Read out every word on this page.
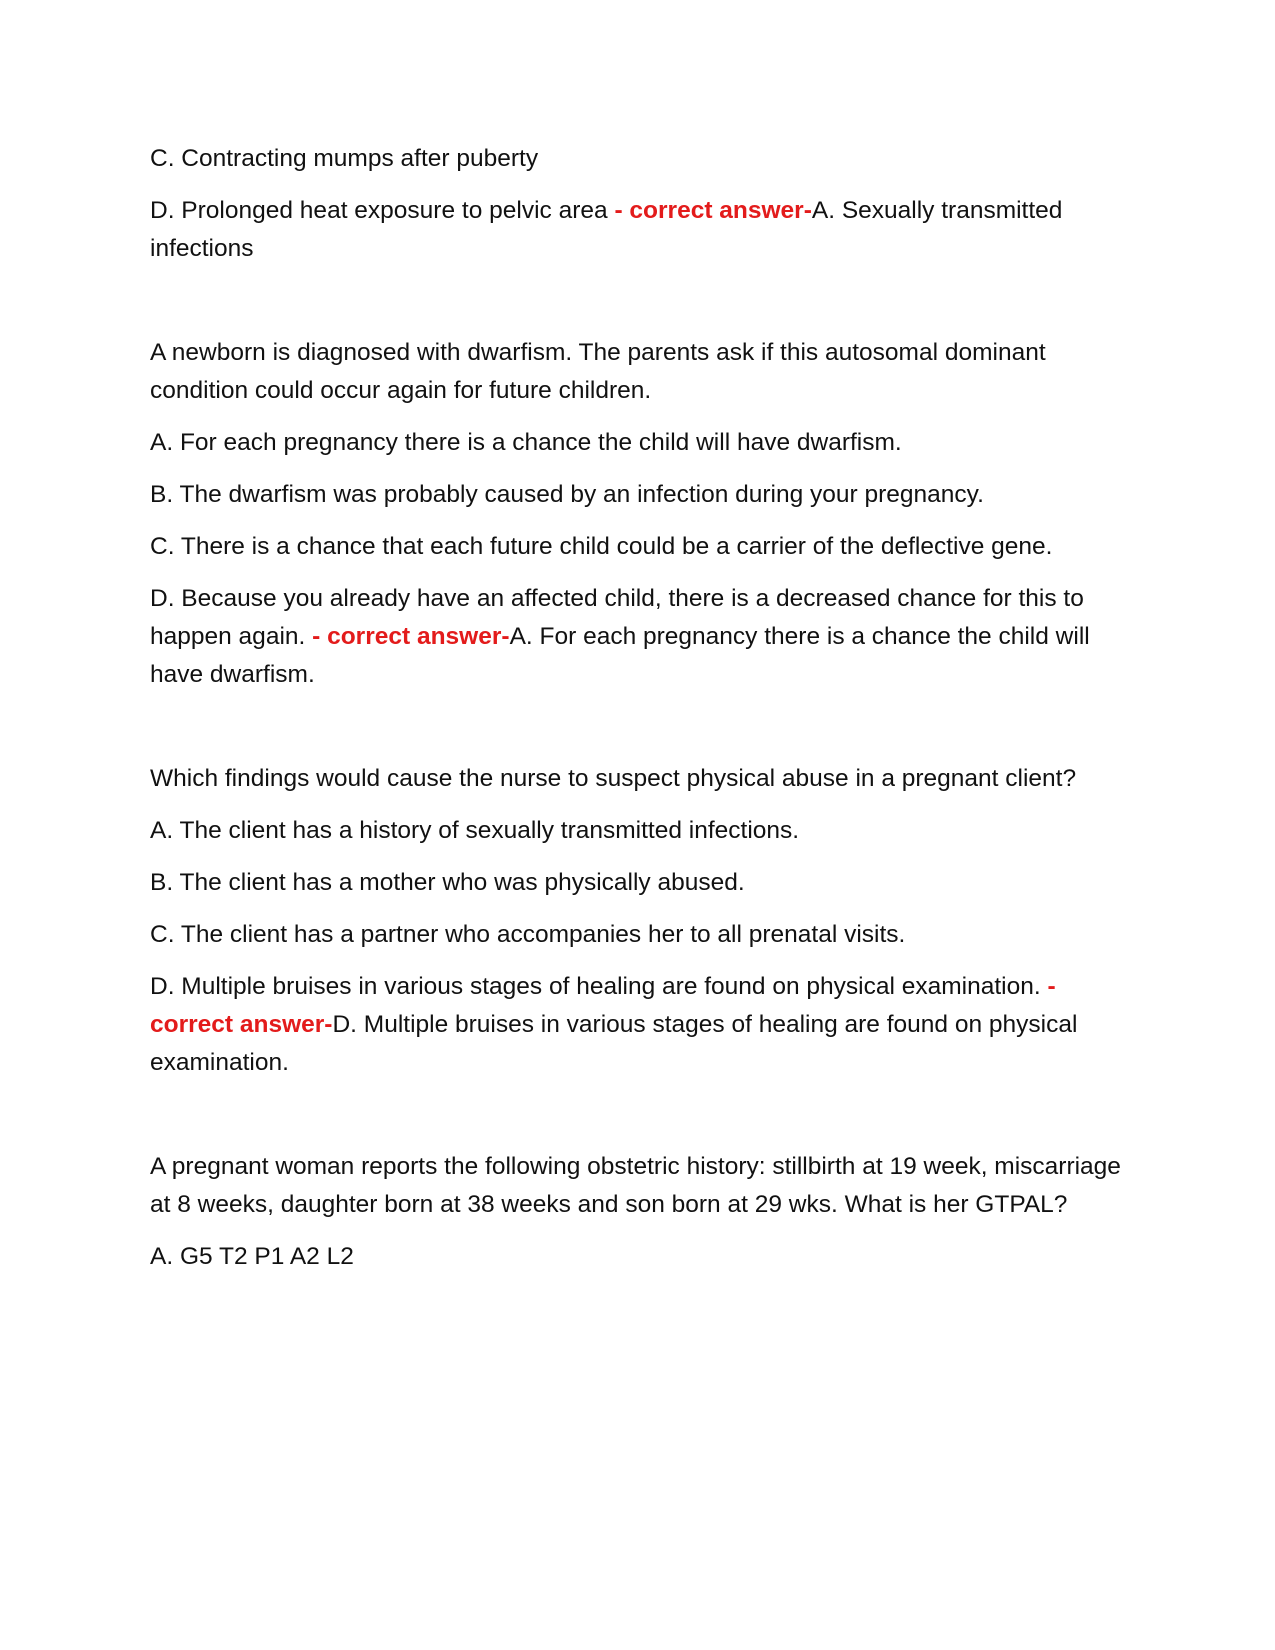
C. Contracting mumps after puberty

D. Prolonged heat exposure to pelvic area - correct answer-A. Sexually transmitted infections

A newborn is diagnosed with dwarfism. The parents ask if this autosomal dominant condition could occur again for future children.

A. For each pregnancy there is a chance the child will have dwarfism.

B. The dwarfism was probably caused by an infection during your pregnancy.

C. There is a chance that each future child could be a carrier of the deflective gene.

D. Because you already have an affected child, there is a decreased chance for this to happen again. - correct answer-A. For each pregnancy there is a chance the child will have dwarfism.

Which findings would cause the nurse to suspect physical abuse in a pregnant client?

A. The client has a history of sexually transmitted infections.

B. The client has a mother who was physically abused.

C. The client has a partner who accompanies her to all prenatal visits.

D. Multiple bruises in various stages of healing are found on physical examination. - correct answer-D. Multiple bruises in various stages of healing are found on physical examination.

A pregnant woman reports the following obstetric history: stillbirth at 19 week, miscarriage at 8 weeks, daughter born at 38 weeks and son born at 29 wks. What is her GTPAL?

A. G5 T2 P1 A2 L2
